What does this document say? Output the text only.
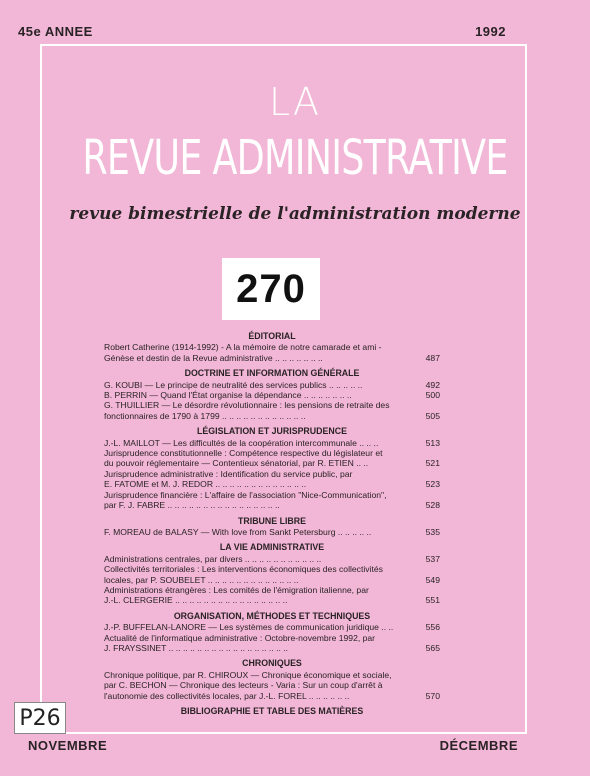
45e ANNEE	1992
LA
REVUE ADMINISTRATIVE
revue bimestrielle de l'administration moderne
270
ÉDITORIAL
Robert Catherine (1914-1992) - A la mémoire de notre camarade et ami -
Génèse et destin de la Revue administrative .. .. .. .. .. .. ..	487
DOCTRINE ET INFORMATION GÉNÉRALE
G. KOUBI — Le principe de neutralité des services publics .. .. .. .. ..	492
B. PERRIN — Quand l'État organise la dépendance .. .. .. .. .. .. ..	500
G. THUILLIER — Le désordre révolutionnaire : les pensions de retraite des
fonctionnaires de 1790 à 1799 .. .. .. .. .. .. .. .. .. .. .. ..	505
LÉGISLATION ET JURISPRUDENCE
J.-L. MAILLOT — Les difficultés de la coopération intercommunale .. .. ..	513
Jurisprudence constitutionnelle : Compétence respective du législateur et
du pouvoir réglementaire — Contentieux sénatorial, par R. ETIEN .. ..	521
Jurisprudence administrative : Identification du service public, par
E. FATOME et M. J. REDOR .. .. .. .. .. .. .. .. .. .. .. .. ..	523
Jurisprudence financière : L'affaire de l'association "Nice-Communication",
par F. J. FABRE .. .. .. .. .. .. .. .. .. .. .. .. .. .. .. ..	528
TRIBUNE LIBRE
F. MOREAU de BALASY — With love from Sankt Petersburg .. .. .. .. ..	535
LA VIE ADMINISTRATIVE
Administrations centrales, par divers .. .. .. .. .. .. .. .. .. .. ..	537
Collectivités territoriales : Les interventions économiques des collectivités
locales, par P. SOUBELET .. .. .. .. .. .. .. .. .. .. .. .. ..	549
Administrations étrangères : Les comités de l'émigration italienne, par
J.-L. CLERGERIE .. .. .. .. .. .. .. .. .. .. .. .. .. .. .. ..	551
ORGANISATION, MÉTHODES ET TECHNIQUES
J.-P. BUFFELAN-LANORE — Les systèmes de communication juridique .. ..	556
Actualité de l'informatique administrative : Octobre-novembre 1992, par
J. FRAYSSINET .. .. .. .. .. .. .. .. .. .. .. .. .. .. .. .. ..	565
CHRONIQUES
Chronique politique, par R. CHIROUX — Chronique économique et sociale,
par C. BECHON — Chronique des lecteurs - Varia : Sur un coup d'arrêt à
l'autonomie des collectivités locales, par J.-L. FOREL .. .. .. .. .. ..	570
BIBLIOGRAPHIE ET TABLE DES MATIÈRES
P26
NOVEMBRE	DÉCEMBRE
